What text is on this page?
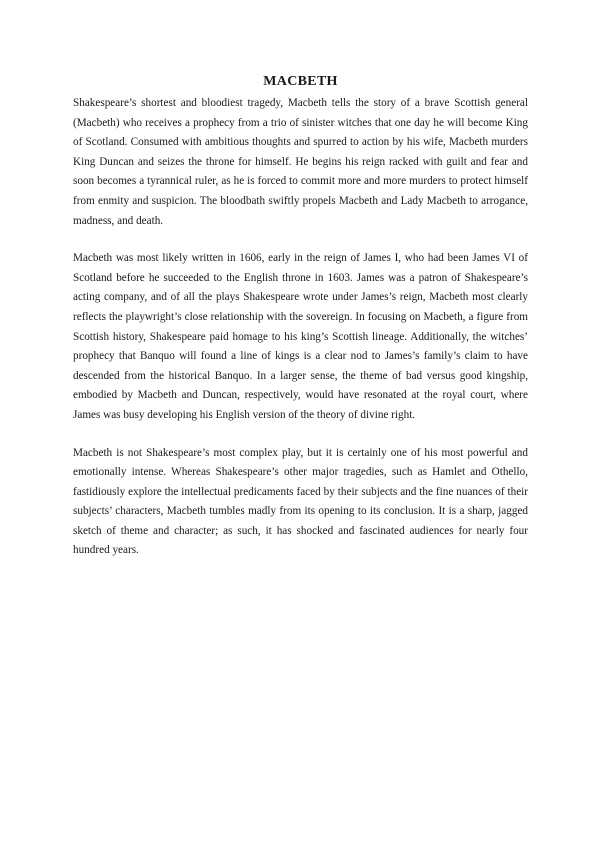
MACBETH

Shakespeare’s shortest and bloodiest tragedy, Macbeth tells the story of a brave Scottish general (Macbeth) who receives a prophecy from a trio of sinister witches that one day he will become King of Scotland. Consumed with ambitious thoughts and spurred to action by his wife, Macbeth murders King Duncan and seizes the throne for himself. He begins his reign racked with guilt and fear and soon becomes a tyrannical ruler, as he is forced to commit more and more murders to protect himself from enmity and suspicion. The bloodbath swiftly propels Macbeth and Lady Macbeth to arrogance, madness, and death.

Macbeth was most likely written in 1606, early in the reign of James I, who had been James VI of Scotland before he succeeded to the English throne in 1603. James was a patron of Shakespeare’s acting company, and of all the plays Shakespeare wrote under James’s reign, Macbeth most clearly reflects the playwright’s close relationship with the sovereign. In focusing on Macbeth, a figure from Scottish history, Shakespeare paid homage to his king’s Scottish lineage. Additionally, the witches’ prophecy that Banquo will found a line of kings is a clear nod to James’s family’s claim to have descended from the historical Banquo. In a larger sense, the theme of bad versus good kingship, embodied by Macbeth and Duncan, respectively, would have resonated at the royal court, where James was busy developing his English version of the theory of divine right.

Macbeth is not Shakespeare’s most complex play, but it is certainly one of his most powerful and emotionally intense. Whereas Shakespeare’s other major tragedies, such as Hamlet and Othello, fastidiously explore the intellectual predicaments faced by their subjects and the fine nuances of their subjects’ characters, Macbeth tumbles madly from its opening to its conclusion. It is a sharp, jagged sketch of theme and character; as such, it has shocked and fascinated audiences for nearly four hundred years.
